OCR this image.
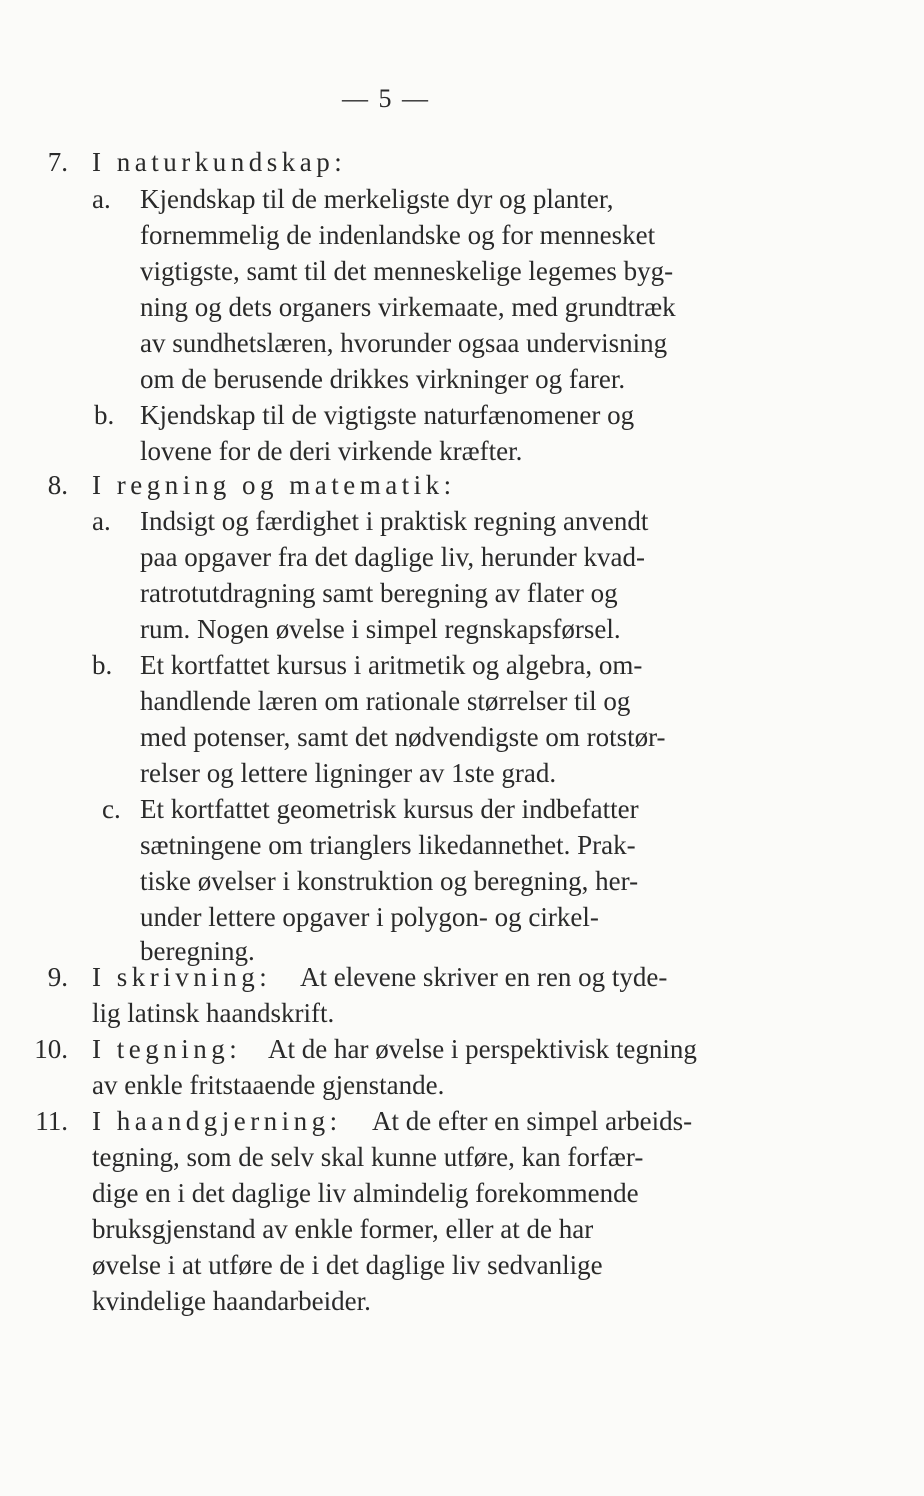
— 5 —
7. I naturkundskap:
a. Kjendskap til de merkeligste dyr og planter,
fornemmelig de indenlandske og for mennesket
vigtigste, samt til det menneskelige legemes byg-
ning og dets organers virkemaate, med grundtræk
av sundhetslæren, hvorunder ogsaa undervisning
om de berusende drikkes virkninger og farer.
b. Kjendskap til de vigtigste naturfænomener og
lovene for de deri virkende kræfter.
8. I regning og matematik:
a. Indsigt og færdighet i praktisk regning anvendt
paa opgaver fra det daglige liv, herunder kvad-
ratrotutdragning samt beregning av flater og
rum. Nogen øvelse i simpel regnskapsførsel.
b. Et kortfattet kursus i aritmetik og algebra, om-
handlende læren om rationale størrelser til og
med potenser, samt det nødvendigste om rotstør-
relser og lettere ligninger av 1ste grad.
c. Et kortfattet geometrisk kursus der indbefatter
sætningene om trianglers likedannethet. Prak-
tiske øvelser i konstruktion og beregning, her-
under lettere opgaver i polygon- og cirkel-
beregning.
9. I skrivning: At elevene skriver en ren og tyde-
lig latinsk haandskrift.
10. I tegning: At de har øvelse i perspektivisk tegning
av enkle fritstaaende gjenstande.
11. I haandgjerning: At de efter en simpel arbeids-
tegning, som de selv skal kunne utføre, kan forfær-
dige en i det daglige liv almindelig forekommende
bruksgjenstand av enkle former, eller at de har
øvelse i at utføre de i det daglige liv sedvanlige
kvindelige haandarbeider.
